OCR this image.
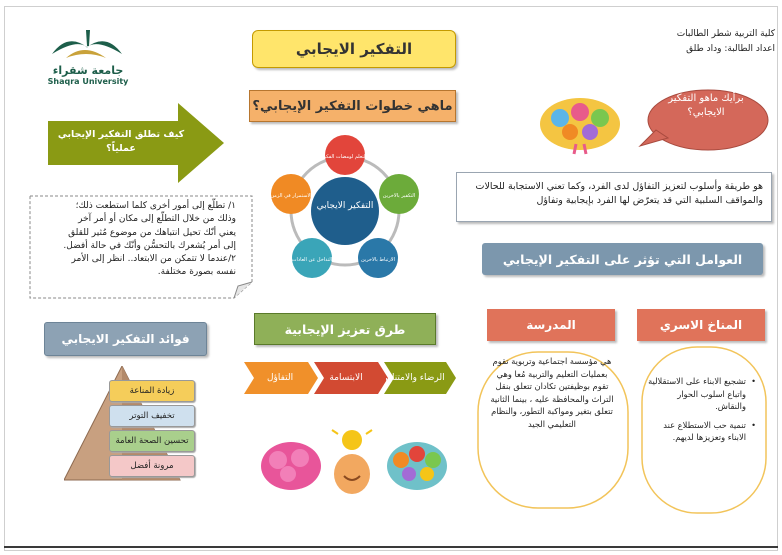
جامعة شقراء
Shaqra University
التفكير الايجابي
كلية التربية شطر الطالبات
اعداد الطالبة: وداد طلق
ماهي خطوات التفكير الإيجابي؟
كيف تطلق التفكير الإيجابي عملياً؟
١/ تطلّع إلى أمور أخرى كلما استطعت ذلك؛
وذلك من خلال التطلّع إلى مكان أو أمر آخر
يعني أنّك تحيل انتباهك من موضوع مُثير للقلق
إلى أمر يُشعرك بالتحسُّن وأنّك في حالة أفضل.
٢/عندما لا تتمكن من الابتعاد.. انظر إلى الأمر
نفسه بصورة مختلفة.
التفكير الايجابي
التعلم لومضات الفكر
التكفير بالاخرين
الارتباط بالاخرين
التداخل عن العادات
الاستمرار في الزمن
برأيك ماهو التفكير الايجابي؟
هو طريقة وأسلوب لتعزيز التفاؤل لدى الفرد، وكما تعني الاستجابة للحالات والمواقف السلبية التي قد يتعرّض لها الفرد بإيجابية وتفاؤل
العوامل التي تؤثر على التفكير الإيجابي
المدرسة	المناخ الاسري
هي مؤسسة اجتماعية وتربوية تقوم بعمليات التعليم والتربية مُعا وهي تقوم بوظيفتين تكادان تتعلق بنقل التراث والمحافظة عليه ، بينما الثانية تتعلق بتغير ومواكبة التطور، والنظام التعليمي الجيد
• تشجيع الابناء على الاستقلالية واتباع اسلوب الحوار والنقاش.
• تنمية حب الاستطلاع عند الابناء وتعزيزها لديهم.
طرق تعزيز الإيجابية
الرضاء والامتنان
الابتسامة
التفاؤل
فوائد التفكير الايجابي
زيادة المناعة
تخفيف التوتر
تحسين الصحة العامة
مرونة أفضل
